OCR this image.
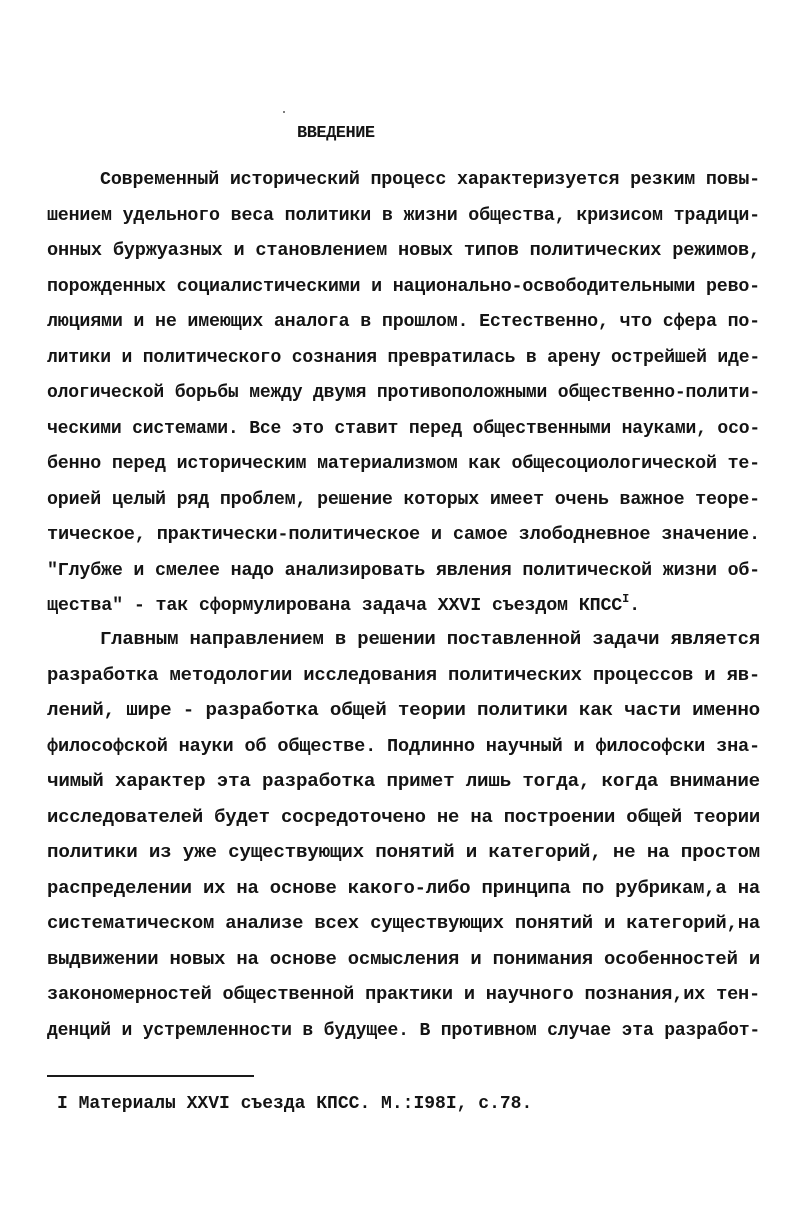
ВВЕДЕНИЕ
Современный исторический процесс характеризуется резким повы-
шением удельного веса политики в жизни общества, кризисом традици-
онных буржуазных и становлением новых типов политических режимов,
порожденных социалистическими и национально-освободительными рево-
люциями и не имеющих аналога в прошлом. Естественно, что сфера по-
литики и политического сознания превратилась в арену острейшей иде-
ологической борьбы между двумя противоположными общественно-полити-
ческими системами. Все это ставит перед общественными науками, осо-
бенно перед историческим материализмом как общесоциологической те-
орией целый ряд проблем, решение которых имеет очень важное теоре-
тическое, практически-политическое и самое злободневное значение.
"Глубже и смелее надо анализировать явления политической жизни об-
щества" - так сформулирована задача XXVI съездом $КПСС^I$.
Главным направлением в решении поставленной задачи является
разработка методологии исследования политических процессов и яв-
лений, шире - разработка общей теории политики как части именно
философской науки об обществе. Подлинно научный и философски зна-
чимый характер эта разработка примет лишь тогда, когда внимание
исследователей будет сосредоточено не на построении общей теории
политики из уже существующих понятий и категорий, не на простом
распределении их на основе какого-либо принципа по рубрикам,а на
систематическом анализе всех существующих понятий и категорий,на
выдвижении новых на основе осмысления и понимания особенностей и
закономерностей общественной практики и научного познания,их тен-
денций и устремленности в будущее. В противном случае эта разработ-
I Материалы XXVI съезда КПСС. М.:I98I, с.78.
